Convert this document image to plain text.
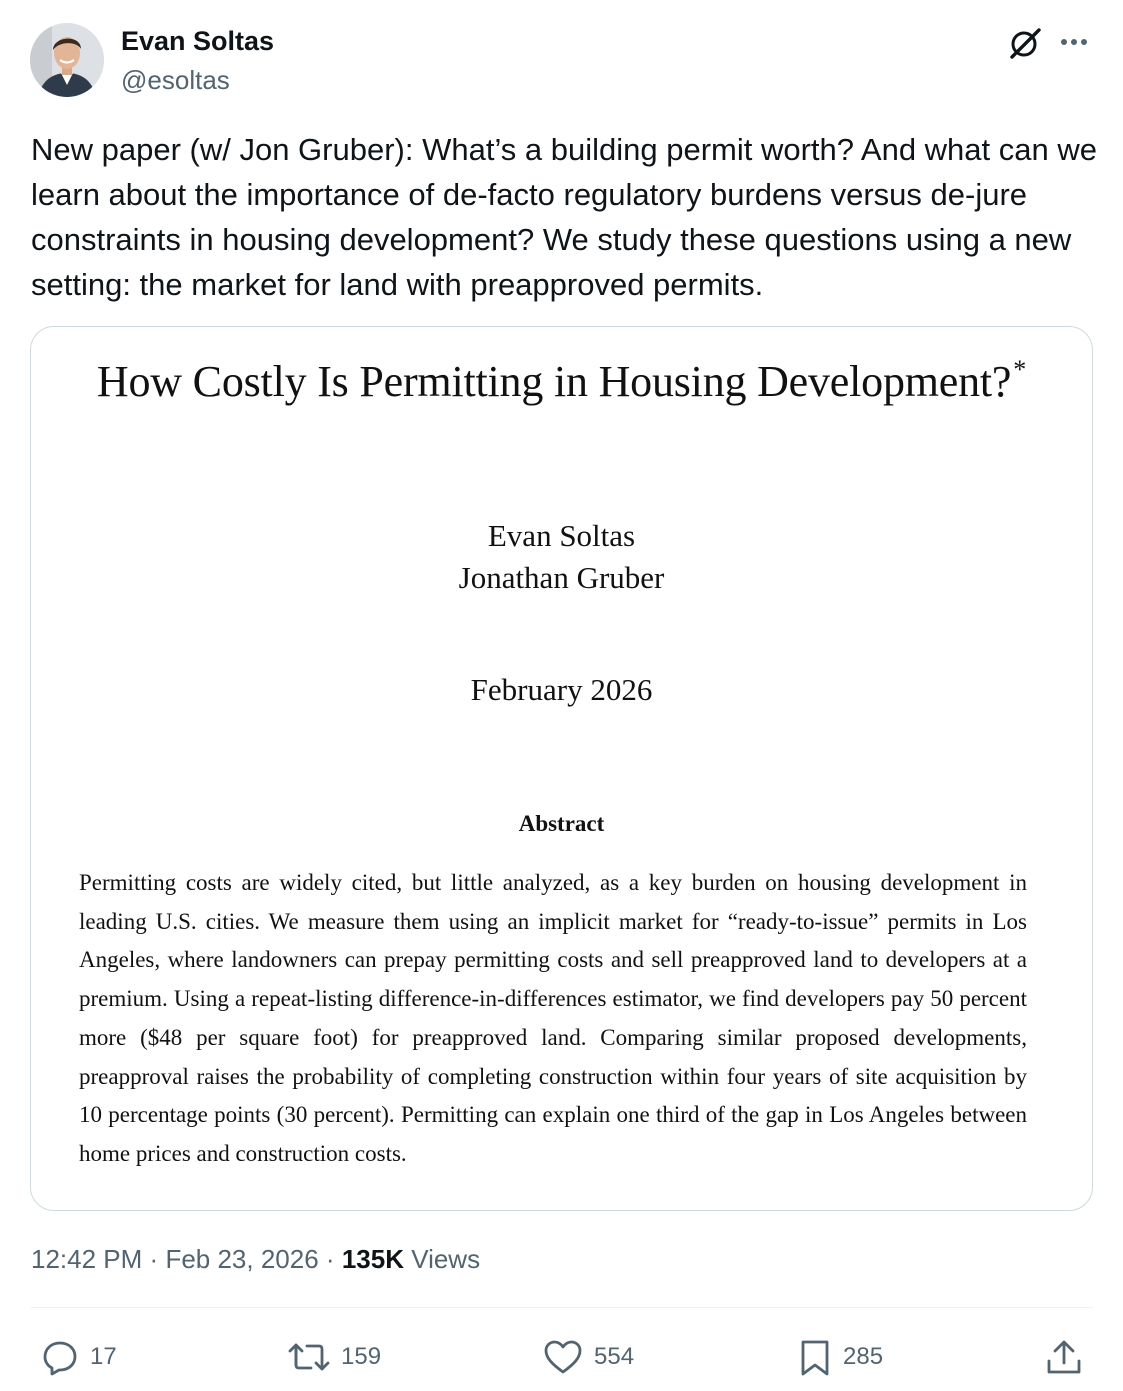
Evan Soltas
@esoltas
New paper (w/ Jon Gruber): What’s a building permit worth? And what can we learn about the importance of de-facto regulatory burdens versus de-jure constraints in housing development? We study these questions using a new setting: the market for land with preapproved permits.
How Costly Is Permitting in Housing Development?*
Evan Soltas
Jonathan Gruber
February 2026
Abstract
Permitting costs are widely cited, but little analyzed, as a key burden on housing development in leading U.S. cities. We measure them using an implicit market for “ready-to-issue” permits in Los Angeles, where landowners can prepay permitting costs and sell preapproved land to developers at a premium. Using a repeat-listing difference-in-differences estimator, we find developers pay 50 percent more ($48 per square foot) for preapproved land. Comparing similar proposed developments, preapproval raises the probability of completing construction within four years of site acquisition by 10 percentage points (30 percent). Permitting can explain one third of the gap in Los Angeles between home prices and construction costs.
12:42 PM · Feb 23, 2026 · 135K Views
17	159	554	285
